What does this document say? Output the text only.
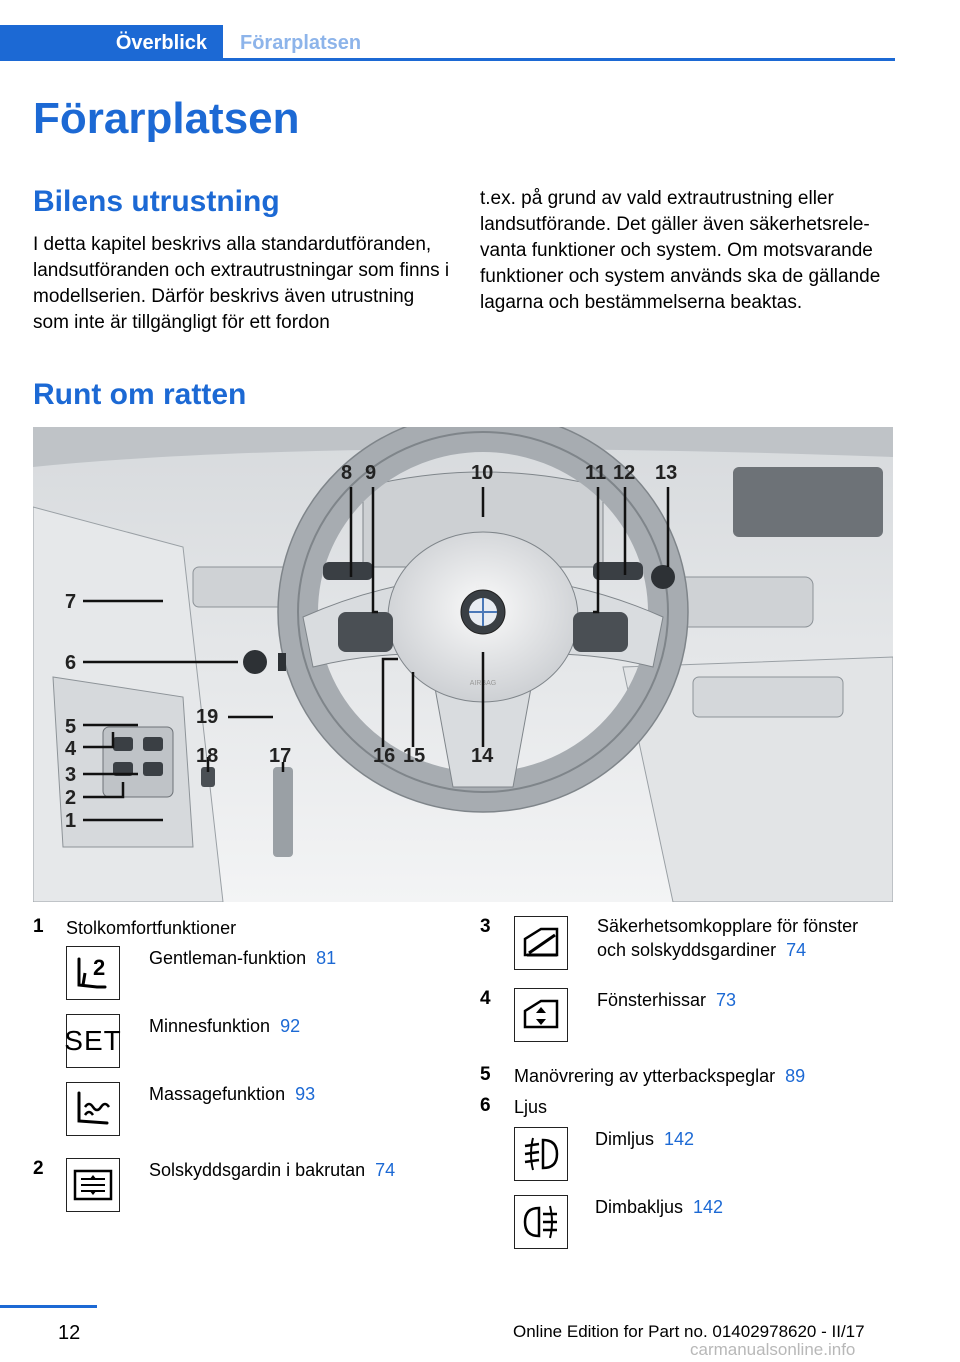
Överblick	Förarplatsen
Förarplatsen
Bilens utrustning
I detta kapitel beskrivs alla standardutföranden, landsutföranden och extrautrustningar som finns i modellserien. Därför beskrivs även utrustning som inte är tillgängligt för ett fordon
t.ex. på grund av vald extrautrustning eller landsutförande. Det gäller även säkerhetsrelevanta funktioner och system. Om motsvarande funktioner och system används ska de gällande lagarna och bestämmelserna beaktas.
Runt om ratten
BMW
AIRBAG
1
2
3
4
5
6
7
8 9	10	11 12 13
14
15
16
17
18
19
1 Stolkomfortfunktioner
2 Gentleman-funktion 81
SET Minnesfunktion 92
Massagefunktion 93
2	Solskyddsgardin i bakrutan 74
3	Säkerhetsomkopplare för fönster
och solskyddsgardiner 74
4	Fönsterhissar 73
5 Manövrering av ytterbackspeglar 89
6 Ljus
Dimljus 142
Dimbakljus 142
12	Online Edition for Part no. 01402978620 - II/17
carmanualsonline.info
